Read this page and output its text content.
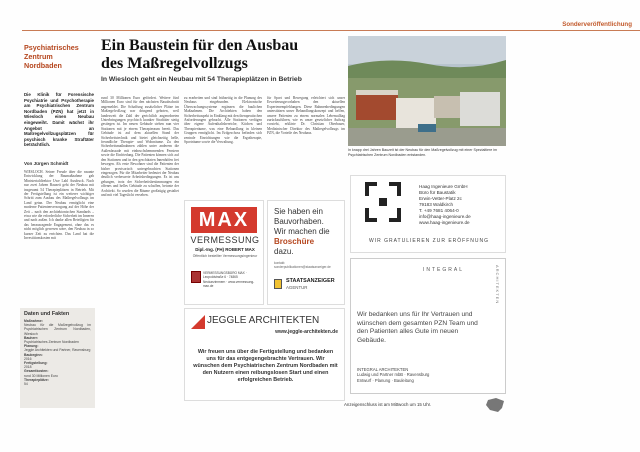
Sonderveröffentlichung
Psychiatrisches
Zentrum Nordbaden
Ein Baustein für den Ausbau
des Maßregelvollzugs
In Wiesloch geht ein Neubau mit 54 Therapieplätzen in Betrieb
Die Klinik für Forensische Psychiatrie und Psychotherapie am Psychiatrischen Zentrum Nordbaden (PZN) hat jetzt in Wiesloch einen Neubau eingeweiht. Damit wächst ihr Angebot an Maßregelvollzugsplätzen für psychisch kranke Straftäter beträchtlich.
Von Jürgen Schmidt
WIESLOCH. Seiner Freude über die rasante Entwicklung der Baumaßnahme gab Ministerialdirektor Uwe Lahl Ausdruck. Nach nur zwei Jahren Bauzeit geht der Neubau mit insgesamt 54 Therapieplätzen in Betrieb. Mit der Fertigstellung ist ein weiterer wichtiger Schritt zum Ausbau des Maßregelvollzugs im Land getan. Der Neubau ermöglicht eine moderne Patientenversorgung auf der Höhe der Zeit – nach den architektonischen Standards – etwa wie die erforderliche Sicherheit im Inneren und nach außen. Ich danke allen Beteiligten für das herausragende Engagement, ohne das es nicht möglich gewesen wäre, den Neubau in so kurzer Zeit zu errichten. Das Land hat die Investitionskosten mit
rund 30 Millionen Euro gefördert. Weitere fünf Millionen Euro sind für den nächsten Bauabschnitt angemeldet. Die Schaffung zusätzlicher Plätze im Maßregelvollzug war dringend geboten, weil landesweit die Zahl der gerichtlich angeordneten Unterbringungen psychisch kranker Straftäter stetig gestiegen ist. Im neuen Gebäude stehen nun vier Stationen mit je einem Therapieraum bereit. Das Gebäude ist auf dem aktuellen Stand der Sicherheitstechnik und bietet gleichzeitig helle, freundliche Therapie- und Wohnräume. Zu den Sicherheitsmaßnahmen zählen unter anderem die Außenfassade mit einbruchshemmenden Fenstern sowie die Einfriedung. Die Patienten können sich auf den Stationen und in den geschützten Innenhöfen frei bewegen. Als erste Bewohner sind die Patienten der bisher provisorisch untergebrachten Stationen eingezogen. Für die Mitarbeiter bedeutet der Neubau deutlich verbesserte Arbeitsbedingungen. Es ist uns gelungen, trotz der Sicherheitsbestimmungen ein offenes und helles Gebäude zu schaffen, betonte der Architekt. So wurden die Räume großzügig gestaltet und mit viel Tageslicht versehen.
zu erarbeiten und sind frühzeitig in die Planung des Neubaus eingebunden. Elektronische Überwachungssysteme ergänzen die baulichen Maßnahmen. Die Architekten haben den Sicherheitsaspekt in Einklang mit den therapeutischen Anforderungen gebracht. Alle Stationen verfügen über eigene Aufenthaltsbereiche, Küchen und Therapieräume, was eine Behandlung in kleinen Gruppen ermöglicht. Im Erdgeschoss befinden sich zentrale Einrichtungen wie die Ergotherapie, Sporträume sowie die Verwaltung.
für Sport und Bewegung erleichtert sich unser Erweiterungsvorhaben den aktuellen Expertenempfehlungen. Diese Rahmenbedingungen unterstützen unser Behandlungskonzept und helfen, unsere Patienten zu einem normalen Lebensalltag zurückzuführen, wie es unser gesetzlicher Auftrag vorsieht, erklärte Dr. Christian Oberbauer, Medizinischer Direktor des Maßregelvollzugs im PZN, die Vorteile des Neubaus.
Daten und Fakten
Maßnahme:
Neubau für die Maßregelvollzug im Psychiatrischen Zentrum Nordbaden, Wiesloch
Bauherr:
Psychiatrisches Zentrum Nordbaden
Planung:
Jeggle Architekten und Partner, Ravensburg
Baubeginn:
2016
Fertigstellung:
2018
Gesamtkosten:
rund 30 Millionen Euro
Therapieplätze:
54
In knapp drei Jahren Bauzeit ist der Neubau für den Maßregelvollzug mit einer Spezialtiere im Psychiatrischen Zentrum Nordbaden entstanden.
MAX
VERMESSUNG
Dipl.-Ing. (FH) ROBERT MAX
Öffentlich bestellter Vermessungsingenieur
VERMESSUNGSBÜRO MAX · Leopoldstraße 6 · 74865 Neckarzimmern · www.vermessung-max.de
Sie haben ein
Bauvorhaben.
Wir machen die
Broschüre
dazu.
kontakt: sonderpublikationen@staatsanzeiger.de
STAATSANZEIGER
AGENTUR
Haag Ingenieure GmbH
Büro für Baustatik
Erwin-Vetter-Platz 2c
79183 Waldkirch
T. +49 7681 4064-0
info@haag-ingenieure.de
www.haag-ingenieure.de
WIR GRATULIEREN ZUR ERÖFFNUNG
JEGGLE ARCHITEKTEN
www.jeggle-architekten.de
Wir freuen uns über die Fertigstellung und bedanken uns für das entgegengebrachte Vertrauen. Wir wünschen dem Psychiatrischen Zentrum Nordbaden mit den Nutzern einen reibungslosen Start und einen erfolgreichen Betrieb.
INTEGRAL	ARCHITEKTEN
Wir bedanken uns für Ihr Vertrauen und wünschen dem gesamten PZN Team und den Patienten alles Gute im neuen Gebäude.
INTEGRAL ARCHITEKTEN
Ludwig und Partner mbB · Ravensburg
Entwurf · Planung · Bauleitung
Anzeigenschluss ist am Mittwoch um 15 Uhr.
